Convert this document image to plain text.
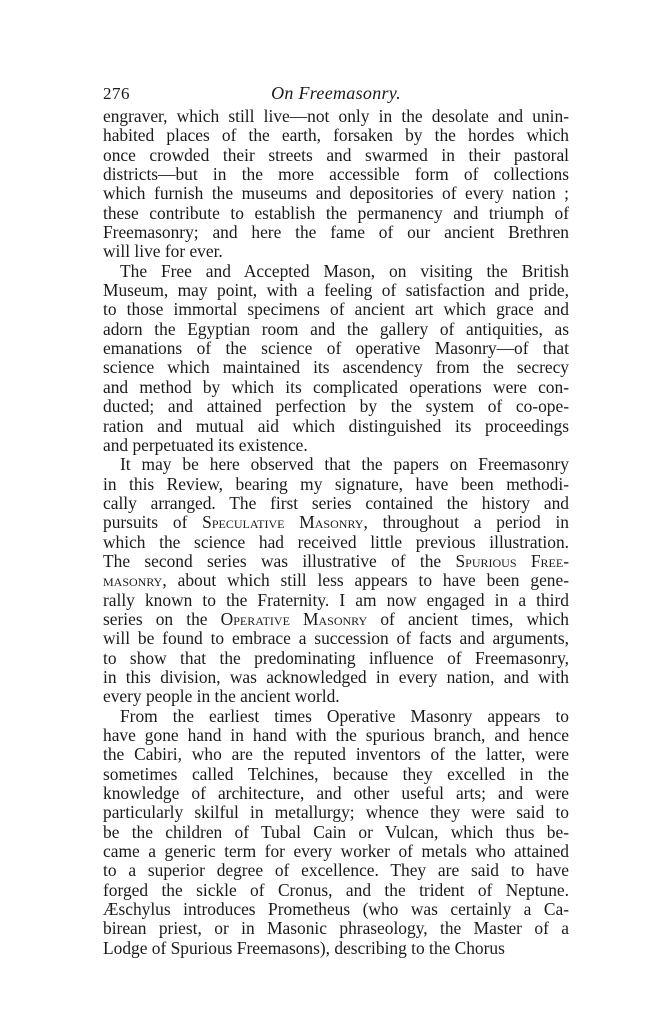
276	On Freemasonry.
engraver, which still live—not only in the desolate and unin-
habited places of the earth, forsaken by the hordes which
once crowded their streets and swarmed in their pastoral
districts—but in the more accessible form of collections
which furnish the museums and depositories of every nation ;
these contribute to establish the permanency and triumph of
Freemasonry; and here the fame of our ancient Brethren
will live for ever.
The Free and Accepted Mason, on visiting the British
Museum, may point, with a feeling of satisfaction and pride,
to those immortal specimens of ancient art which grace and
adorn the Egyptian room and the gallery of antiquities, as
emanations of the science of operative Masonry—of that
science which maintained its ascendency from the secrecy
and method by which its complicated operations were con-
ducted; and attained perfection by the system of co-ope-
ration and mutual aid which distinguished its proceedings
and perpetuated its existence.
It may be here observed that the papers on Freemasonry
in this Review, bearing my signature, have been methodi-
cally arranged. The first series contained the history and
pursuits of Speculative Masonry, throughout a period in
which the science had received little previous illustration.
The second series was illustrative of the Spurious Free-
masonry, about which still less appears to have been gene-
rally known to the Fraternity. I am now engaged in a third
series on the Operative Masonry of ancient times, which
will be found to embrace a succession of facts and arguments,
to show that the predominating influence of Freemasonry,
in this division, was acknowledged in every nation, and with
every people in the ancient world.
From the earliest times Operative Masonry appears to
have gone hand in hand with the spurious branch, and hence
the Cabiri, who are the reputed inventors of the latter, were
sometimes called Telchines, because they excelled in the
knowledge of architecture, and other useful arts; and were
particularly skilful in metallurgy; whence they were said to
be the children of Tubal Cain or Vulcan, which thus be-
came a generic term for every worker of metals who attained
to a superior degree of excellence. They are said to have
forged the sickle of Cronus, and the trident of Neptune.
Æschylus introduces Prometheus (who was certainly a Ca-
birean priest, or in Masonic phraseology, the Master of a
Lodge of Spurious Freemasons), describing to the Chorus
